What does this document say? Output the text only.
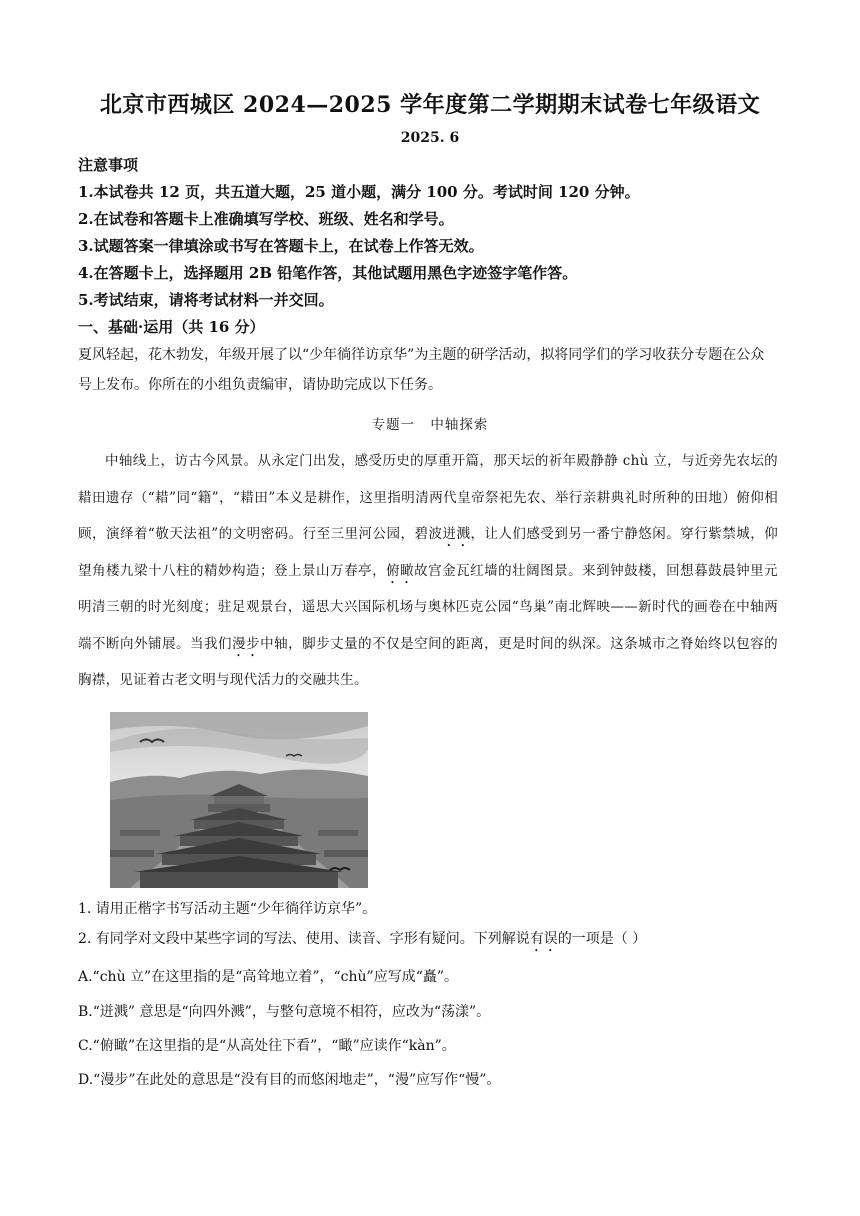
北京市西城区 2024—2025 学年度第二学期期末试卷七年级语文
2025. 6
注意事项
1.本试卷共 12 页，共五道大题，25 道小题，满分 100 分。考试时间 120 分钟。
2.在试卷和答题卡上准确填写学校、班级、姓名和学号。
3.试题答案一律填涂或书写在答题卡上，在试卷上作答无效。
4.在答题卡上，选择题用 2B 铅笔作答，其他试题用黑色字迹签字笔作答。
5.考试结束，请将考试材料一并交回。
一、基础·运用（共 16 分）
夏风轻起，花木勃发，年级开展了以“少年徜徉访京华”为主题的研学活动，拟将同学们的学习收获分专题在公众号上发布。你所在的小组负责编审，请协助完成以下任务。
专题一 中轴探索
中轴线上，访古今风景。从永定门出发，感受历史的厚重开篇，那天坛的祈年殿静静 chù 立，与近旁先农坛的耤田遗存（“耤”同“籍”，“耤田”本义是耕作，这里指明清两代皇帝祭祀先农、举行亲耕典礼时所种的田地）俯仰相顾，演绎着“敬天法祖”的文明密码。行至三里河公园，碧波迸溅，让人们感受到另一番宁静悠闲。穿行紫禁城，仰望角楼九梁十八柱的精妙构造；登上景山万春亭，俯瞰故宫金瓦红墙的壮阔图景。来到钟鼓楼，回想暮鼓晨钟里元明清三朝的时光刻度；驻足观景台，遥思大兴国际机场与奥林匹克公园“鸟巢”南北辉映——新时代的画卷在中轴两端不断向外铺展。当我们漫步中轴，脚步丈量的不仅是空间的距离，更是时间的纵深。这条城市之脊始终以包容的胸襟，见证着古老文明与现代活力的交融共生。
1. 请用正楷字书写活动主题“少年徜徉访京华”。
2. 有同学对文段中某些字词的写法、使用、读音、字形有疑问。下列解说有误的一项是（ ）
A.“chù 立”在这里指的是“高耸地立着”，“chù”应写成“矗”。
B.“迸溅” 意思是“向四外溅”，与整句意境不相符，应改为“荡漾”。
C.“俯瞰”在这里指的是“从高处往下看”，“瞰”应读作“kàn”。
D.“漫步”在此处的意思是“没有目的而悠闲地走”，“漫”应写作“慢”。
